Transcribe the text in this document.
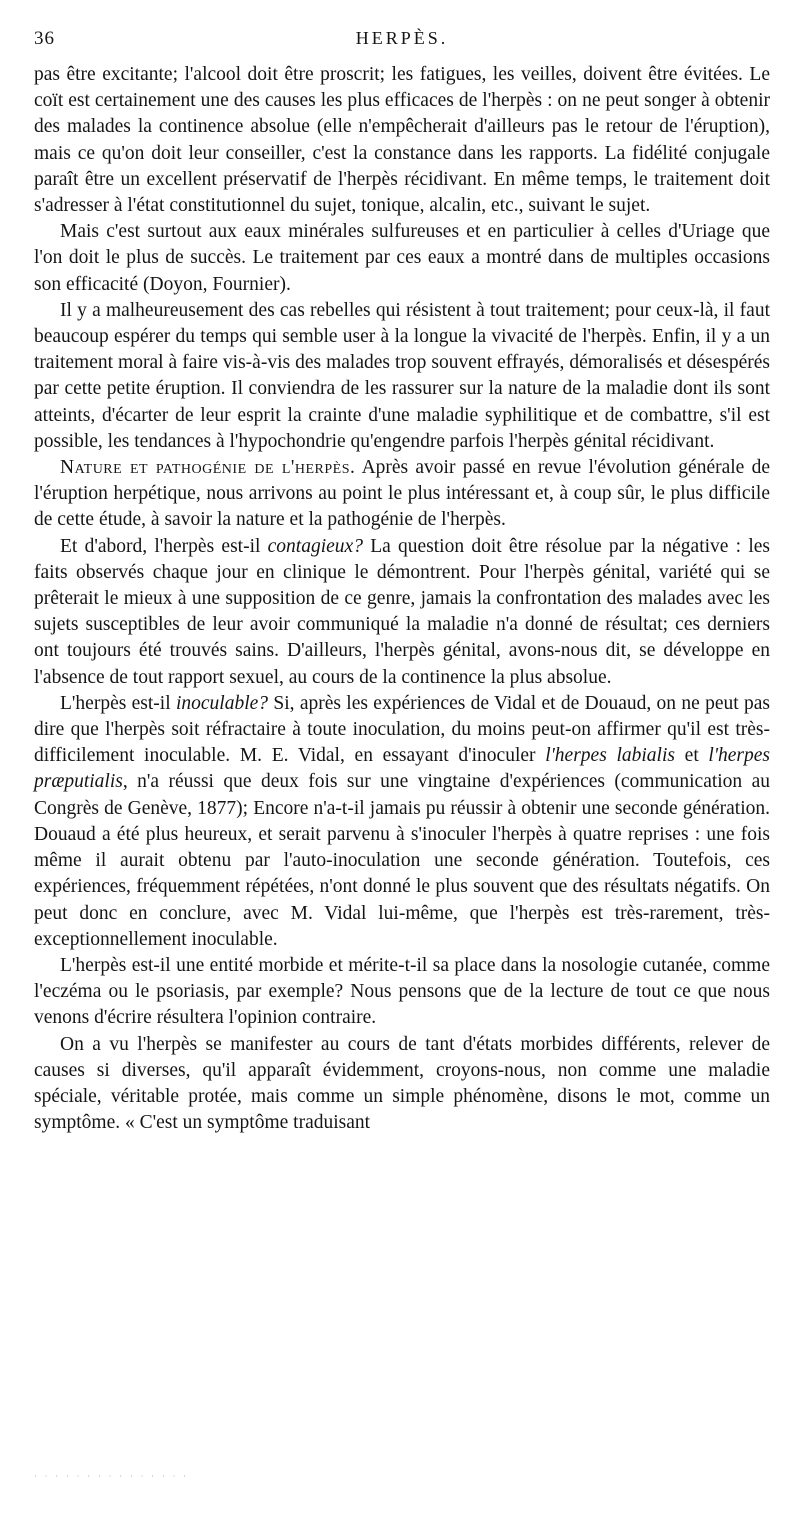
36	HERPÈS.

pas être excitante; l'alcool doit être proscrit; les fatigues, les veilles, doivent être évitées. Le coït est certainement une des causes les plus efficaces de l'herpès : on ne peut songer à obtenir des malades la continence absolue (elle n'empêcherait d'ailleurs pas le retour de l'éruption), mais ce qu'on doit leur conseiller, c'est la constance dans les rapports. La fidélité conjugale paraît être un excellent préservatif de l'herpès récidivant. En même temps, le traitement doit s'adresser à l'état constitutionnel du sujet, tonique, alcalin, etc., suivant le sujet.

Mais c'est surtout aux eaux minérales sulfureuses et en particulier à celles d'Uriage que l'on doit le plus de succès. Le traitement par ces eaux a montré dans de multiples occasions son efficacité (Doyon, Fournier).

Il y a malheureusement des cas rebelles qui résistent à tout traitement; pour ceux-là, il faut beaucoup espérer du temps qui semble user à la longue la vivacité de l'herpès. Enfin, il y a un traitement moral à faire vis-à-vis des malades trop souvent effrayés, démoralisés et désespérés par cette petite éruption. Il conviendra de les rassurer sur la nature de la maladie dont ils sont atteints, d'écarter de leur esprit la crainte d'une maladie syphilitique et de combattre, s'il est possible, les tendances à l'hypochondrie qu'engendre parfois l'herpès génital récidivant.

Nature et pathogénie de l'herpès. Après avoir passé en revue l'évolution générale de l'éruption herpétique, nous arrivons au point le plus intéressant et, à coup sûr, le plus difficile de cette étude, à savoir la nature et la pathogénie de l'herpès.

Et d'abord, l'herpès est-il contagieux? La question doit être résolue par la négative : les faits observés chaque jour en clinique le démontrent. Pour l'herpès génital, variété qui se prêterait le mieux à une supposition de ce genre, jamais la confrontation des malades avec les sujets susceptibles de leur avoir communiqué la maladie n'a donné de résultat; ces derniers ont toujours été trouvés sains. D'ailleurs, l'herpès génital, avons-nous dit, se développe en l'absence de tout rapport sexuel, au cours de la continence la plus absolue.

L'herpès est-il inoculable? Si, après les expériences de Vidal et de Douaud, on ne peut pas dire que l'herpès soit réfractaire à toute inoculation, du moins peut-on affirmer qu'il est très-difficilement inoculable. M. E. Vidal, en essayant d'inoculer l'herpes labialis et l'herpes præputialis, n'a réussi que deux fois sur une vingtaine d'expériences (communication au Congrès de Genève, 1877); Encore n'a-t-il jamais pu réussir à obtenir une seconde génération. Douaud a été plus heureux, et serait parvenu à s'inoculer l'herpès à quatre reprises : une fois même il aurait obtenu par l'auto-inoculation une seconde génération. Toutefois, ces expériences, fréquemment répétées, n'ont donné le plus souvent que des résultats négatifs. On peut donc en conclure, avec M. Vidal lui-même, que l'herpès est très-rarement, très-exceptionnellement inoculable.

L'herpès est-il une entité morbide et mérite-t-il sa place dans la nosologie cutanée, comme l'eczéma ou le psoriasis, par exemple? Nous pensons que de la lecture de tout ce que nous venons d'écrire résultera l'opinion contraire.

On a vu l'herpès se manifester au cours de tant d'états morbides différents, relever de causes si diverses, qu'il apparaît évidemment, croyons-nous, non comme une maladie spéciale, véritable protée, mais comme un simple phénomène, disons le mot, comme un symptôme. « C'est un symptôme traduisant

· · · · · · · · · · · · · · ·
